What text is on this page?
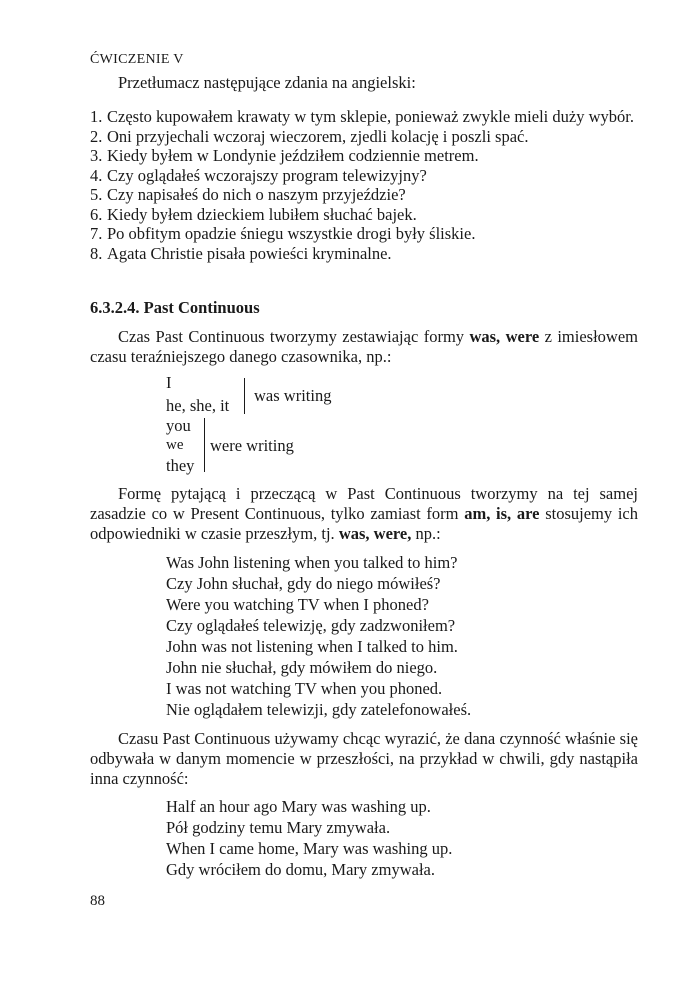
ĆWICZENIE V
Przetłumacz następujące zdania na angielski:
1. Często kupowałem krawaty w tym sklepie, ponieważ zwykle mieli duży wybór.
2. Oni przyjechali wczoraj wieczorem, zjedli kolację i poszli spać.
3. Kiedy byłem w Londynie jeździłem codziennie metrem.
4. Czy oglądałeś wczorajszy program telewizyjny?
5. Czy napisałeś do nich o naszym przyjeździe?
6. Kiedy byłem dzieckiem lubiłem słuchać bajek.
7. Po obfitym opadzie śniegu wszystkie drogi były śliskie.
8. Agata Christie pisała powieści kryminalne.
6.3.2.4. Past Continuous
Czas Past Continuous tworzymy zestawiając formy was, were z imiesłowem czasu teraźniejszego danego czasownika, np.:
I
he, she, it
was writing
you
we
they
were writing
Formę pytającą i przeczącą w Past Continuous tworzymy na tej samej zasadzie co w Present Continuous, tylko zamiast form am, is, are stosujemy ich odpowiedniki w czasie przeszłym, tj. was, were, np.:
Was John listening when you talked to him?
Czy John słuchał, gdy do niego mówiłeś?
Were you watching TV when I phoned?
Czy oglądałeś telewizję, gdy zadzwoniłem?
John was not listening when I talked to him.
John nie słuchał, gdy mówiłem do niego.
I was not watching TV when you phoned.
Nie oglądałem telewizji, gdy zatelefonowałeś.
Czasu Past Continuous używamy chcąc wyrazić, że dana czynność właśnie się odbywała w danym momencie w przeszłości, na przykład w chwili, gdy nastąpiła inna czynność:
Half an hour ago Mary was washing up.
Pół godziny temu Mary zmywała.
When I came home, Mary was washing up.
Gdy wróciłem do domu, Mary zmywała.
88
